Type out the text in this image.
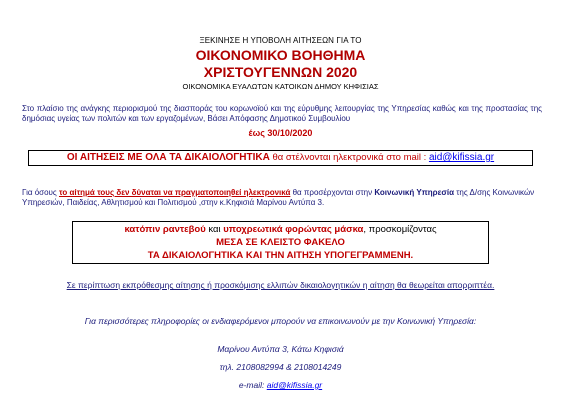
ΞΕΚΙΝΗΣΕ Η ΥΠΟΒΟΛΗ ΑΙΤΗΣΕΩΝ ΓΙΑ ΤΟ
ΟΙΚΟΝΟΜΙΚΟ ΒΟΗΘΗΜΑ
ΧΡΙΣΤΟΥΓΕΝΝΩΝ 2020
ΟΙΚΟΝΟΜΙΚΑ ΕΥΑΛΩΤΩΝ ΚΑΤΟΙΚΩΝ ΔΗΜΟΥ ΚΗΦΙΣΙΑΣ
Στο πλαίσιο της ανάγκης περιορισμού της διασποράς του κορωνοϊού και της εύρυθμης λειτουργίας της Υπηρεσίας καθώς και της προστασίας της δημόσιας υγείας των πολιτών και των εργαζομένων, Βάσει Απόφασης Δημοτικού Συμβουλίου
έως 30/10/2020
ΟΙ ΑΙΤΗΣΕΙΣ ΜΕ ΟΛΑ ΤΑ ΔΙΚΑΙΟΛΟΓΗΤΙΚΑ θα στέλνονται ηλεκτρονικά στο mail : aid@kifissia.gr
Για όσους το αίτημά τους δεν δύναται να πραγματοποιηθεί ηλεκτρονικά θα προσέρχονται στην Κοινωνική Υπηρεσία της Δ/σης Κοινωνικών Υπηρεσιών, Παιδείας, Αθλητισμού και Πολιτισμού ,στην κ.Κηφισιά Μαρίνου Αντύπα 3.
κατόπιν ραντεβού και υποχρεωτικά φορώντας μάσκα, προσκομίζοντας
ΜΕΣΑ ΣΕ ΚΛΕΙΣΤΟ ΦΑΚΕΛΟ
ΤΑ ΔΙΚΑΙΟΛΟΓΗΤΙΚΑ ΚΑΙ ΤΗΝ ΑΙΤΗΣΗ ΥΠΟΓΕΓΡΑΜΜΕΝΗ.
Σε περίπτωση εκπρόθεσμης αίτησης ή προσκόμισης ελλιπών δικαιολογητικών η αίτηση θα θεωρείται απορριπτέα.
Για περισσότερες πληροφορίες οι ενδιαφερόμενοι μπορούν να επικοινωνούν με την Κοινωνική Υπηρεσία:
Μαρίνου Αντύπα 3, Κάτω Κηφισιά
τηλ. 2108082994 & 2108014249
e-mail: aid@kifissia.gr
